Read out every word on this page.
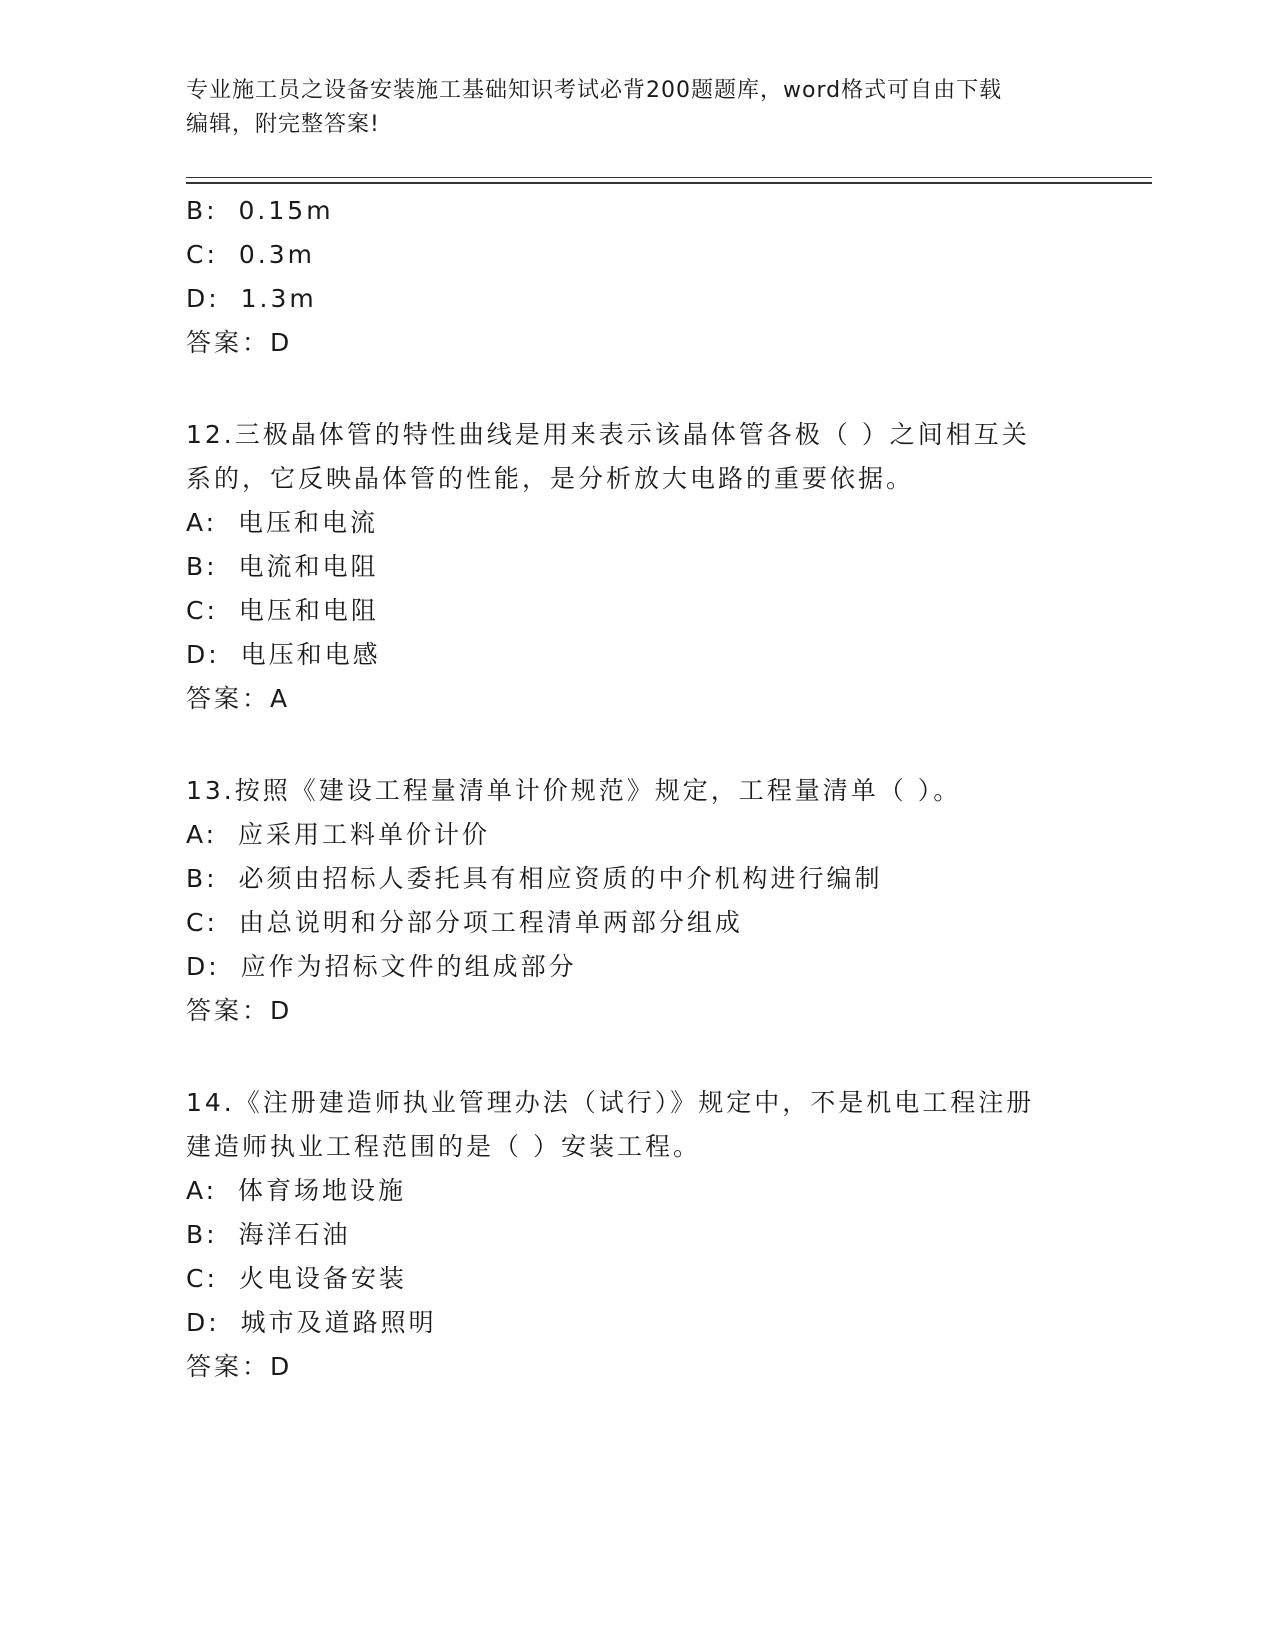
专业施工员之设备安装施工基础知识考试必背200题题库，word格式可自由下载
编辑，附完整答案!
B: 0.15m
C: 0.3m
D: 1.3m
答案：D
12.三极晶体管的特性曲线是用来表示该晶体管各极（ ）之间相互关
系的，它反映晶体管的性能，是分析放大电路的重要依据。
A: 电压和电流
B: 电流和电阻
C: 电压和电阻
D: 电压和电感
答案：A
13.按照《建设工程量清单计价规范》规定，工程量清单（ ）。
A: 应采用工料单价计价
B: 必须由招标人委托具有相应资质的中介机构进行编制
C: 由总说明和分部分项工程清单两部分组成
D: 应作为招标文件的组成部分
答案：D
14.《注册建造师执业管理办法（试行）》规定中，不是机电工程注册
建造师执业工程范围的是（ ）安装工程。
A: 体育场地设施
B: 海洋石油
C: 火电设备安装
D: 城市及道路照明
答案：D
